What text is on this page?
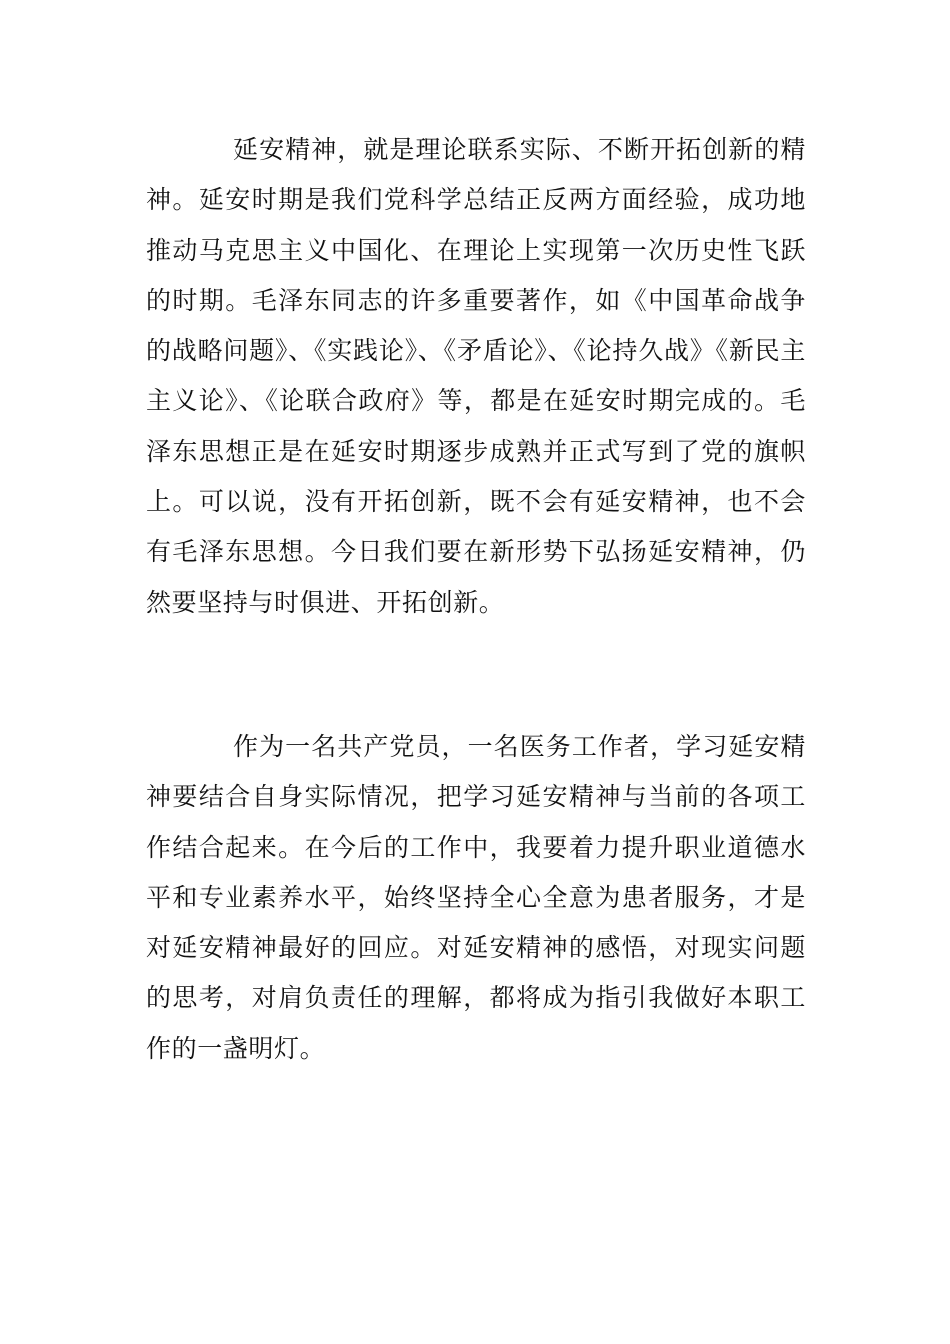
延安精神，就是理论联系实际、不断开拓创新的精神。延安时期是我们党科学总结正反两方面经验，成功地推动马克思主义中国化、在理论上实现第一次历史性飞跃的时期。毛泽东同志的许多重要著作，如《中国革命战争的战略问题》、《实践论》、《矛盾论》、《论持久战》《新民主主义论》、《论联合政府》等，都是在延安时期完成的。毛泽东思想正是在延安时期逐步成熟并正式写到了党的旗帜上。可以说，没有开拓创新，既不会有延安精神，也不会有毛泽东思想。今日我们要在新形势下弘扬延安精神，仍然要坚持与时俱进、开拓创新。

作为一名共产党员，一名医务工作者，学习延安精神要结合自身实际情况，把学习延安精神与当前的各项工作结合起来。在今后的工作中，我要着力提升职业道德水平和专业素养水平，始终坚持全心全意为患者服务，才是对延安精神最好的回应。对延安精神的感悟，对现实问题的思考，对肩负责任的理解，都将成为指引我做好本职工作的一盏明灯。
